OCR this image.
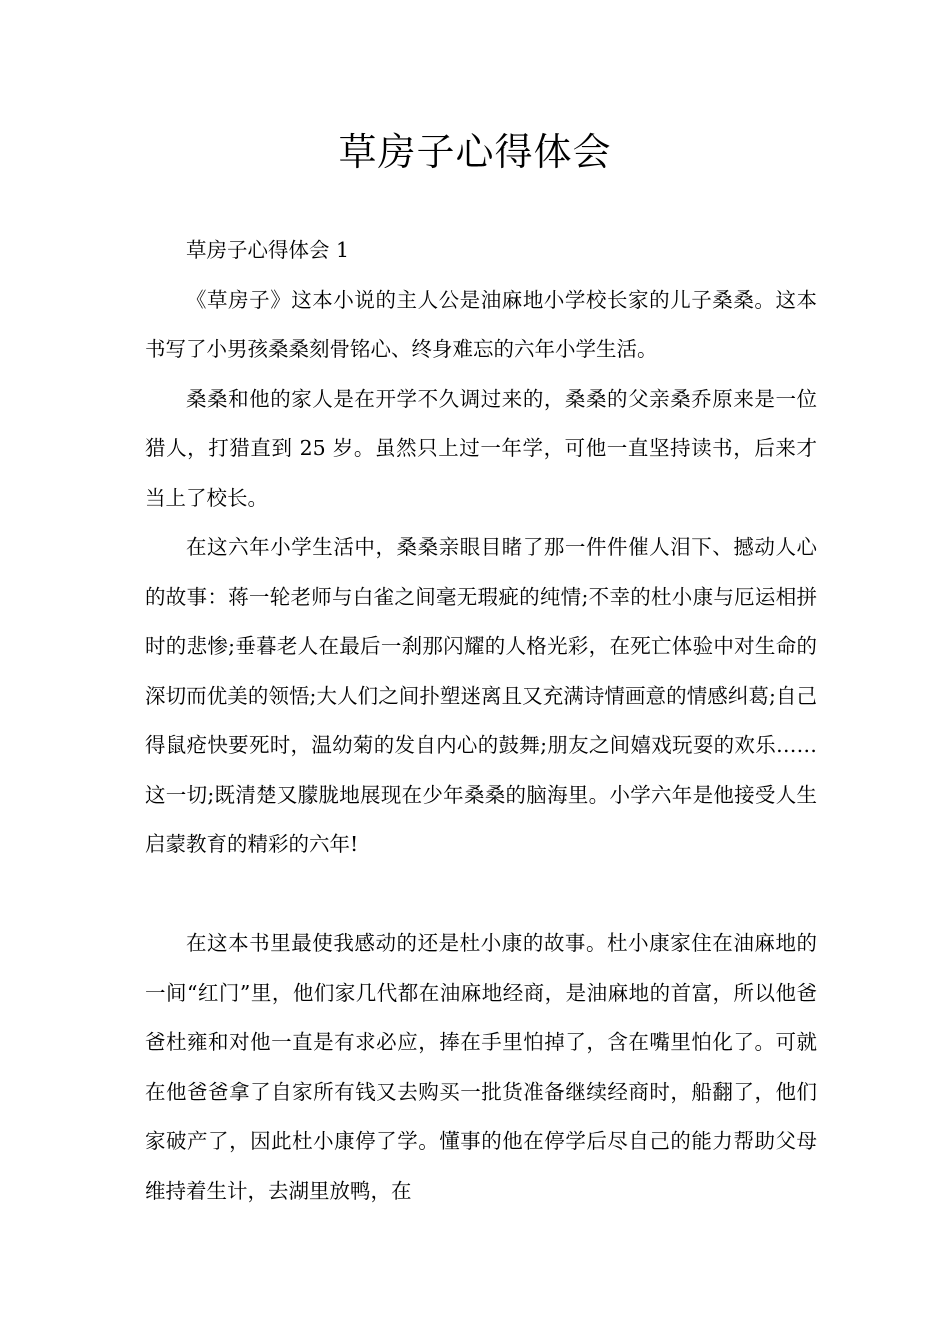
草房子心得体会

草房子心得体会 1

《草房子》这本小说的主人公是油麻地小学校长家的儿子桑桑。这本书写了小男孩桑桑刻骨铭心、终身难忘的六年小学生活。

桑桑和他的家人是在开学不久调过来的，桑桑的父亲桑乔原来是一位猎人，打猎直到 25 岁。虽然只上过一年学，可他一直坚持读书，后来才当上了校长。

在这六年小学生活中，桑桑亲眼目睹了那一件件催人泪下、撼动人心的故事：蒋一轮老师与白雀之间毫无瑕疵的纯情;不幸的杜小康与厄运相拼时的悲惨;垂暮老人在最后一刹那闪耀的人格光彩，在死亡体验中对生命的深切而优美的领悟;大人们之间扑塑迷离且又充满诗情画意的情感纠葛;自己得鼠疮快要死时，温幼菊的发自内心的鼓舞;朋友之间嬉戏玩耍的欢乐……这一切;既清楚又朦胧地展现在少年桑桑的脑海里。小学六年是他接受人生启蒙教育的精彩的六年!

在这本书里最使我感动的还是杜小康的故事。杜小康家住在油麻地的一间“红门”里，他们家几代都在油麻地经商，是油麻地的首富，所以他爸爸杜雍和对他一直是有求必应，捧在手里怕掉了，含在嘴里怕化了。可就在他爸爸拿了自家所有钱又去购买一批货准备继续经商时，船翻了，他们家破产了，因此杜小康停了学。懂事的他在停学后尽自己的能力帮助父母维持着生计，去湖里放鸭，在
